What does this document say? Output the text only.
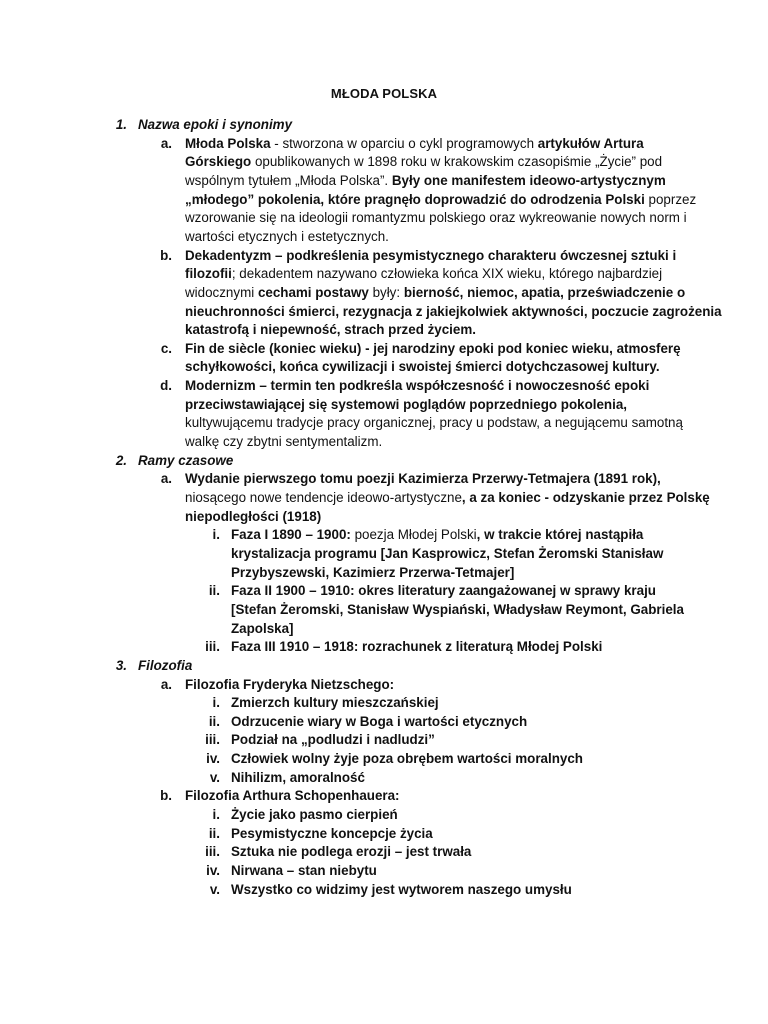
MŁODA POLSKA
1. Nazwa epoki i synonimy
a. Młoda Polska - stworzona w oparciu o cykl programowych artykułów Artura
Górskiego opublikowanych w 1898 roku w krakowskim czasopiśmie „Życie” pod
wspólnym tytułem „Młoda Polska”. Były one manifestem ideowo-artystycznym
„młodego” pokolenia, które pragnęło doprowadzić do odrodzenia Polski poprzez
wzorowanie się na ideologii romantyzmu polskiego oraz wykreowanie nowych norm i
wartości etycznych i estetycznych.
b. Dekadentyzm – podkreślenia pesymistycznego charakteru ówczesnej sztuki i
filozofii; dekadentem nazywano człowieka końca XIX wieku, którego najbardziej
widocznymi cechami postawy były: bierność, niemoc, apatia, przeświadczenie o
nieuchronności śmierci, rezygnacja z jakiejkolwiek aktywności, poczucie zagrożenia
katastrofą i niepewność, strach przed życiem.
c. Fin de siècle (koniec wieku) - jej narodziny epoki pod koniec wieku, atmosferę
schyłkowości, końca cywilizacji i swoistej śmierci dotychczasowej kultury.
d. Modernizm – termin ten podkreśla współczesność i nowoczesność epoki
przeciwstawiającej się systemowi poglądów poprzedniego pokolenia,
kultywującemu tradycje pracy organicznej, pracy u podstaw, a negującemu samotną
walkę czy zbytni sentymentalizm.
2. Ramy czasowe
a. Wydanie pierwszego tomu poezji Kazimierza Przerwy-Tetmajera (1891 rok),
niosącego nowe tendencje ideowo-artystyczne, a za koniec - odzyskanie przez Polskę
niepodległości (1918)
i. Faza I 1890 – 1900: poezja Młodej Polski, w trakcie której nastąpiła
krystalizacja programu [Jan Kasprowicz, Stefan Żeromski Stanisław
Przybyszewski, Kazimierz Przerwa-Tetmajer]
ii. Faza II 1900 – 1910: okres literatury zaangażowanej w sprawy kraju
[Stefan Żeromski, Stanisław Wyspiański, Władysław Reymont, Gabriela
Zapolska]
iii. Faza III 1910 – 1918: rozrachunek z literaturą Młodej Polski
3. Filozofia
a. Filozofia Fryderyka Nietzschego:
i. Zmierzch kultury mieszczańskiej
ii. Odrzucenie wiary w Boga i wartości etycznych
iii. Podział na „podludzi i nadludzi”
iv. Człowiek wolny żyje poza obrębem wartości moralnych
v. Nihilizm, amoralność
b. Filozofia Arthura Schopenhauera:
i. Życie jako pasmo cierpień
ii. Pesymistyczne koncepcje życia
iii. Sztuka nie podlega erozji – jest trwała
iv. Nirwana – stan niebytu
v. Wszystko co widzimy jest wytworem naszego umysłu
